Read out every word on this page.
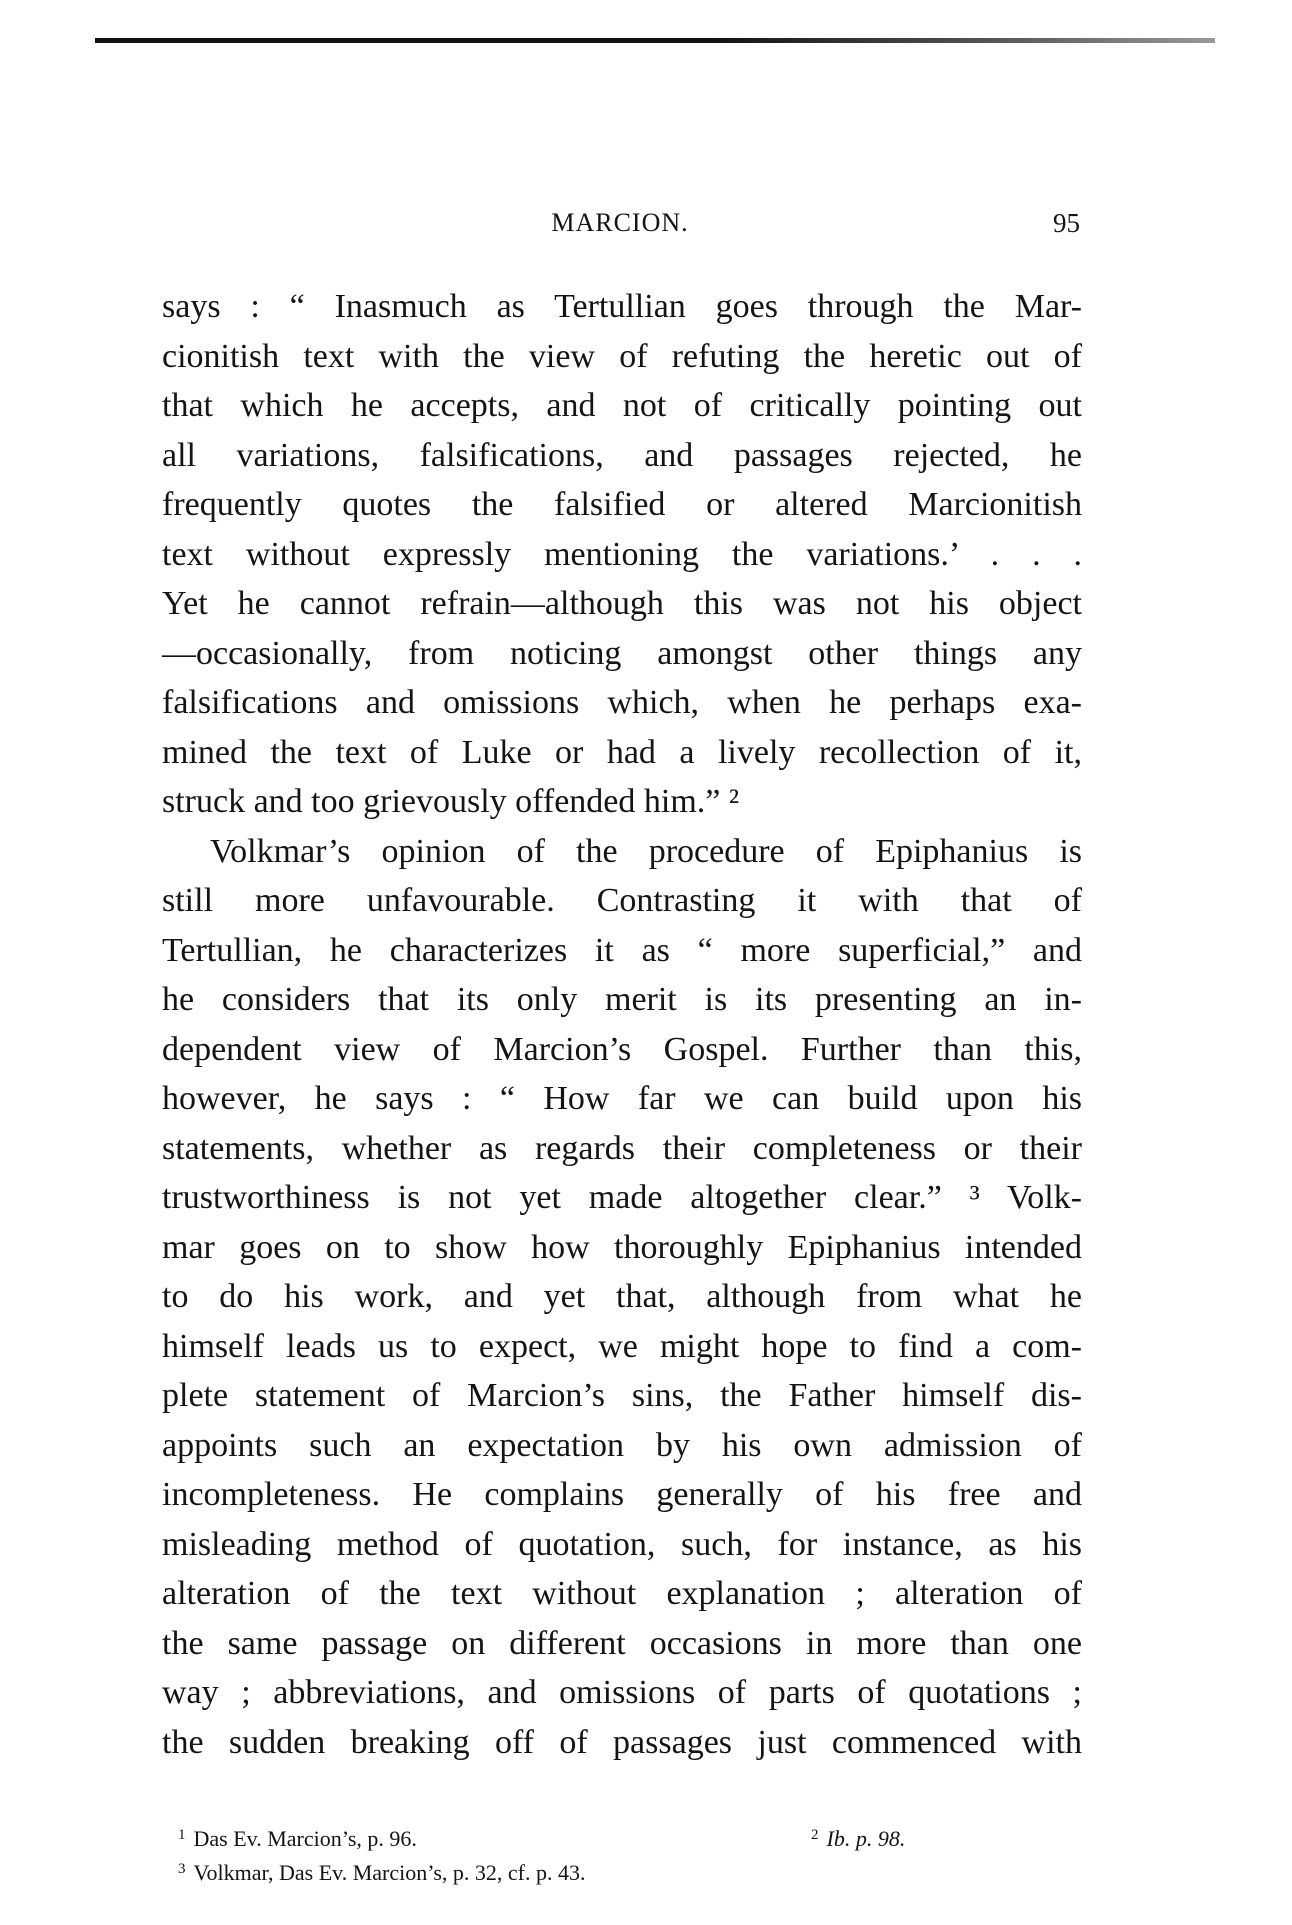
MARCION.	95
says : “ Inasmuch as Tertullian goes through the Mar-
cionitish text with the view of refuting the heretic out of
that which he accepts, and not of critically pointing out
all variations, falsifications, and passages rejected, he
frequently quotes the falsified or altered Marcionitish
text without expressly mentioning the variations.’ . . .
Yet he cannot refrain—although this was not his object
—occasionally, from noticing amongst other things any
falsifications and omissions which, when he perhaps exa-
mined the text of Luke or had a lively recollection of it,
struck and too grievously offended him.” ²
Volkmar’s opinion of the procedure of Epiphanius is
still more unfavourable. Contrasting it with that of
Tertullian, he characterizes it as “ more superficial,” and
he considers that its only merit is its presenting an in-
dependent view of Marcion’s Gospel. Further than this,
however, he says : “ How far we can build upon his
statements, whether as regards their completeness or their
trustworthiness is not yet made altogether clear.” ³ Volk-
mar goes on to show how thoroughly Epiphanius intended
to do his work, and yet that, although from what he
himself leads us to expect, we might hope to find a com-
plete statement of Marcion’s sins, the Father himself dis-
appoints such an expectation by his own admission of
incompleteness. He complains generally of his free and
misleading method of quotation, such, for instance, as his
alteration of the text without explanation ; alteration of
the same passage on different occasions in more than one
way ; abbreviations, and omissions of parts of quotations ;
the sudden breaking off of passages just commenced with
$^1$ Das Ev. Marcion’s, p. 96.	$^2$ Ib. p. 98.
$^3$ Volkmar, Das Ev. Marcion’s, p. 32, cf. p. 43.
